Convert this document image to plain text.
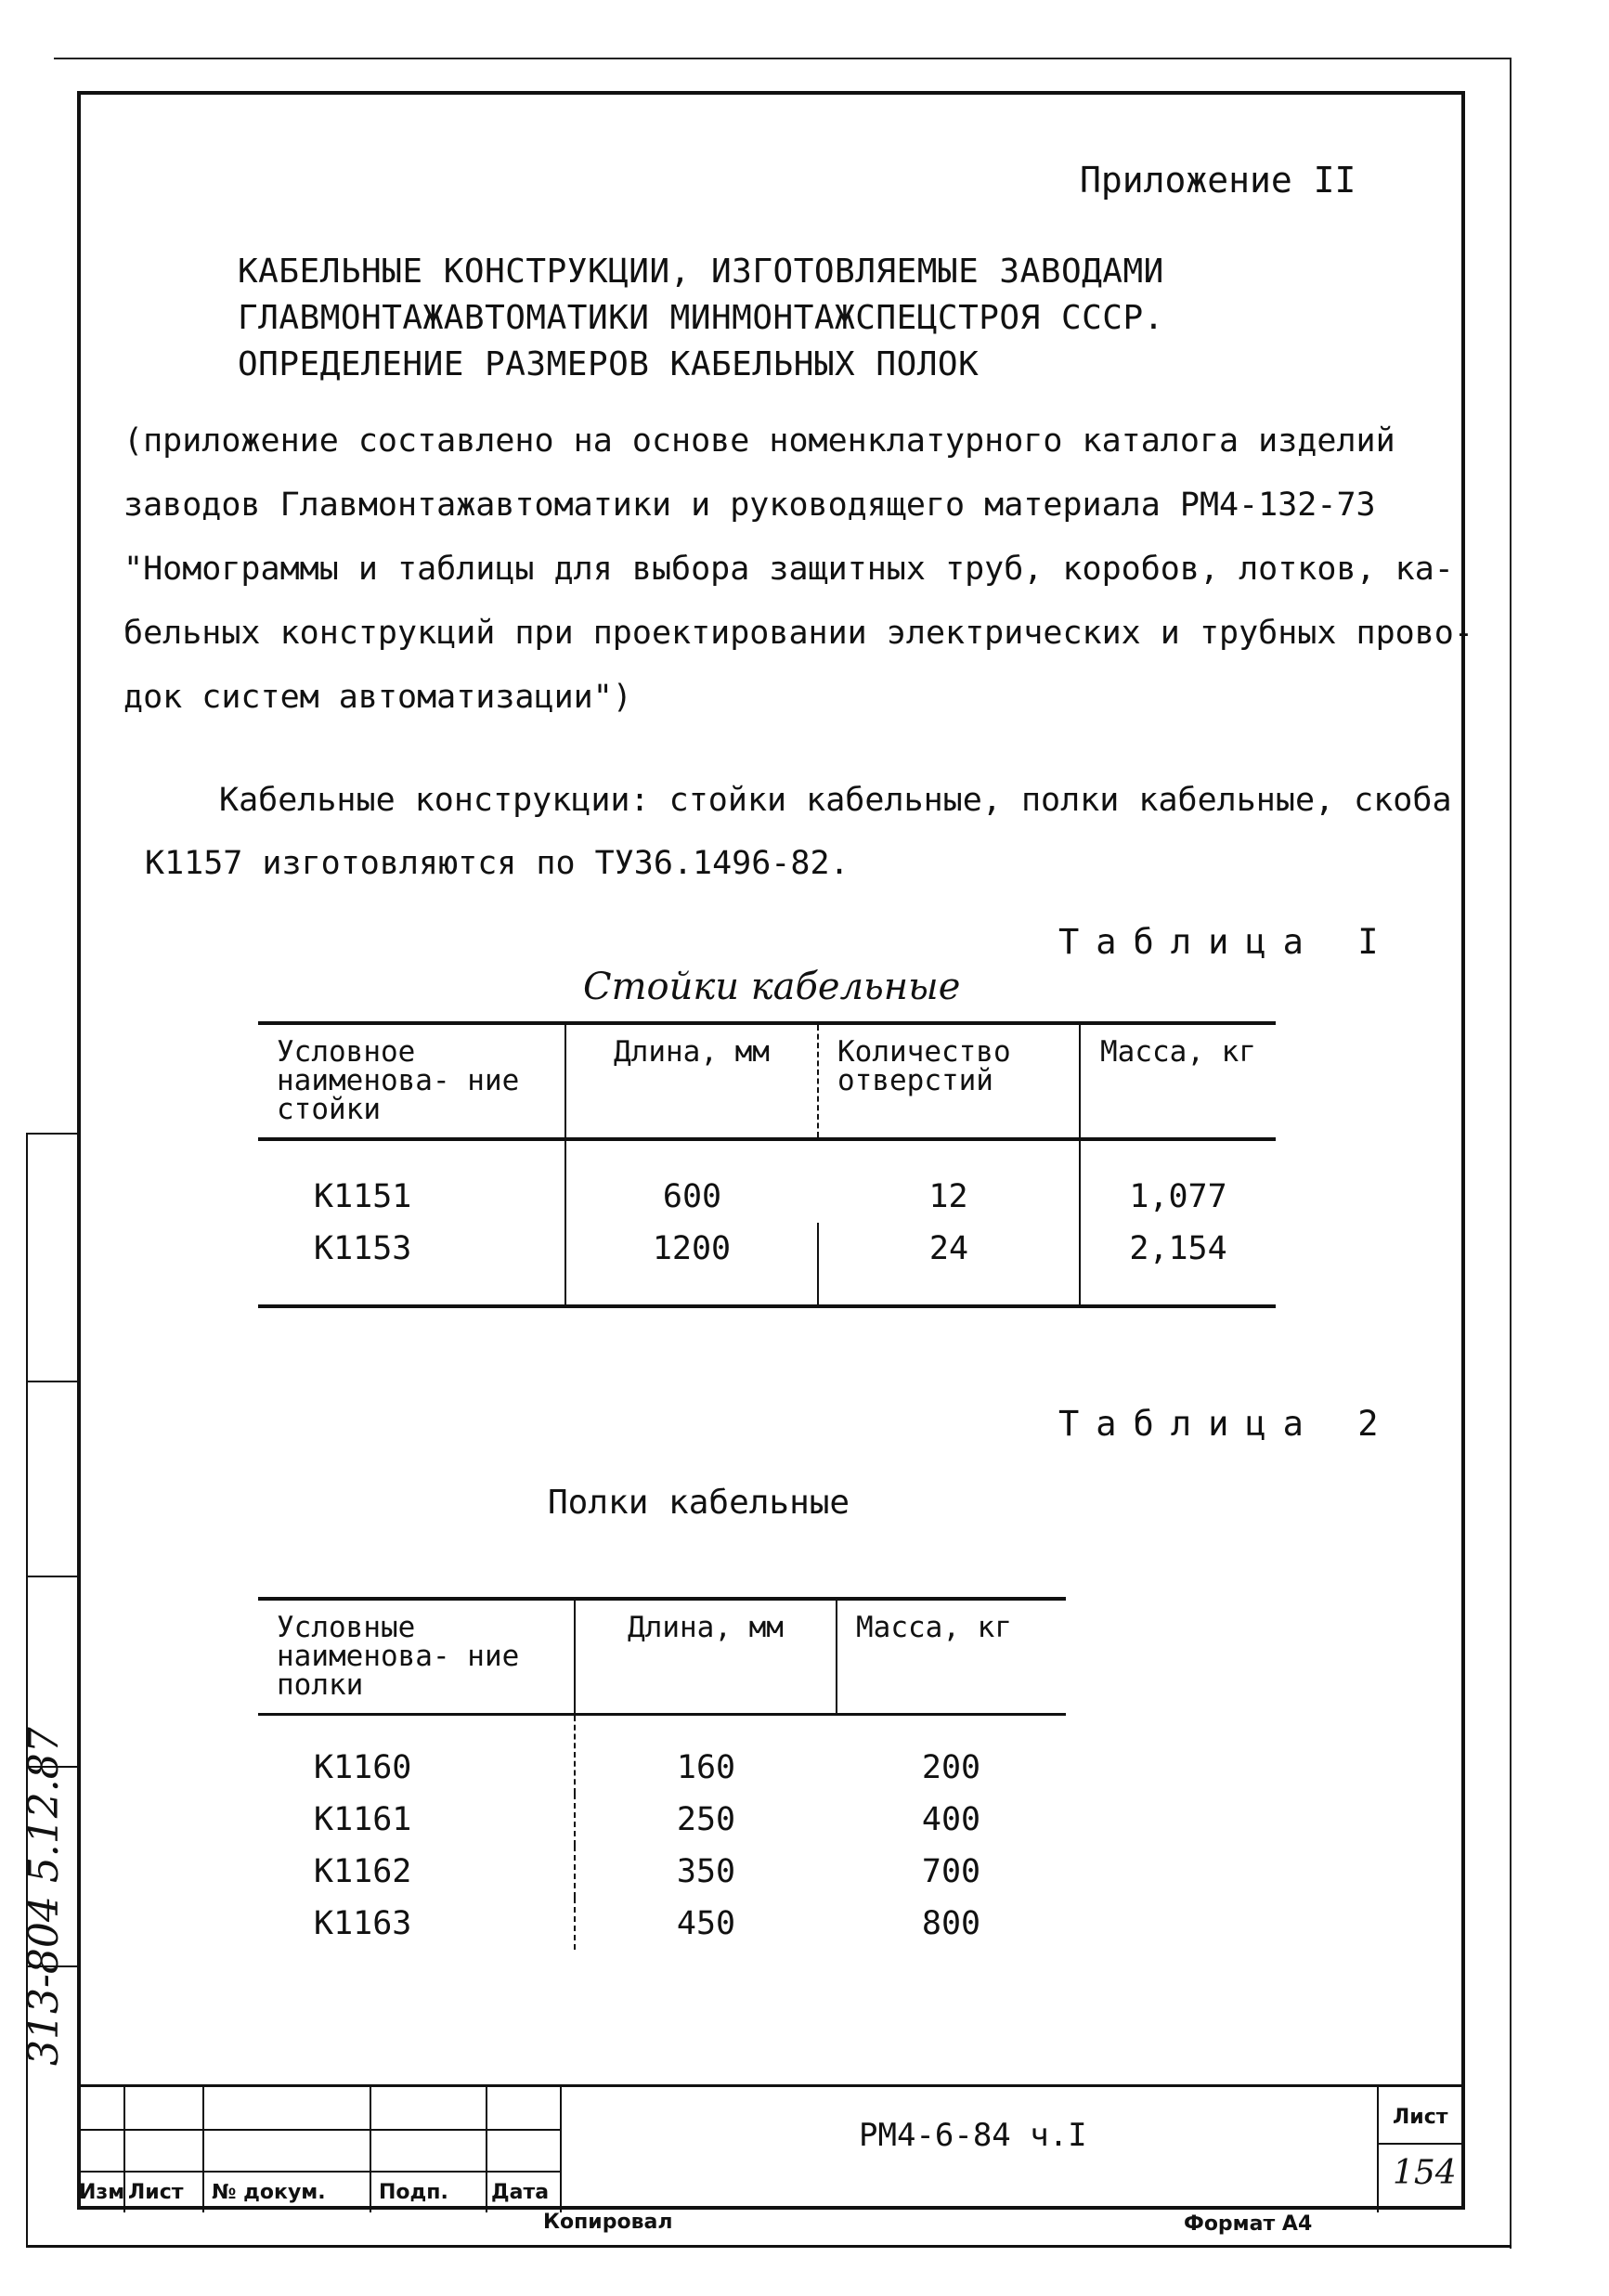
313-804 5.12.87
Приложение II
КАБЕЛЬНЫЕ КОНСТРУКЦИИ, ИЗГОТОВЛЯЕМЫЕ ЗАВОДАМИ
ГЛАВМОНТАЖАВТОМАТИКИ МИНМОНТАЖСПЕЦСТРОЯ СССР.
ОПРЕДЕЛЕНИЕ РАЗМЕРОВ КАБЕЛЬНЫХ ПОЛОК
(приложение составлено на основе номенклатурного каталога изделий
заводов Главмонтажавтоматики и руководящего материала РМ4-132-73
"Номограммы и таблицы для выбора защитных труб, коробов, лотков, ка-
бельных конструкций при проектировании электрических и трубных прово-
док систем автоматизации")
Кабельные конструкции: стойки кабельные, полки кабельные, скоба
К1157 изготовляются по ТУ36.1496-82.
Таблица I
Стойки кабельные
Условное наименова- ние стойки	Длина, мм	Количество отверстий	Масса, кг
К1151	600	12	1,077
К1153	1200	24	2,154
Таблица 2
Полки кабельные
Условные наименова- ние полки	Длина, мм	Масса, кг
К1160	160	200
К1161	250	400
К1162	350	700
К1163	450	800
Изм Лист № докум.	Подп. Дата
РМ4-6-84 ч.I	Лист
154
Копировал	Формат А4
